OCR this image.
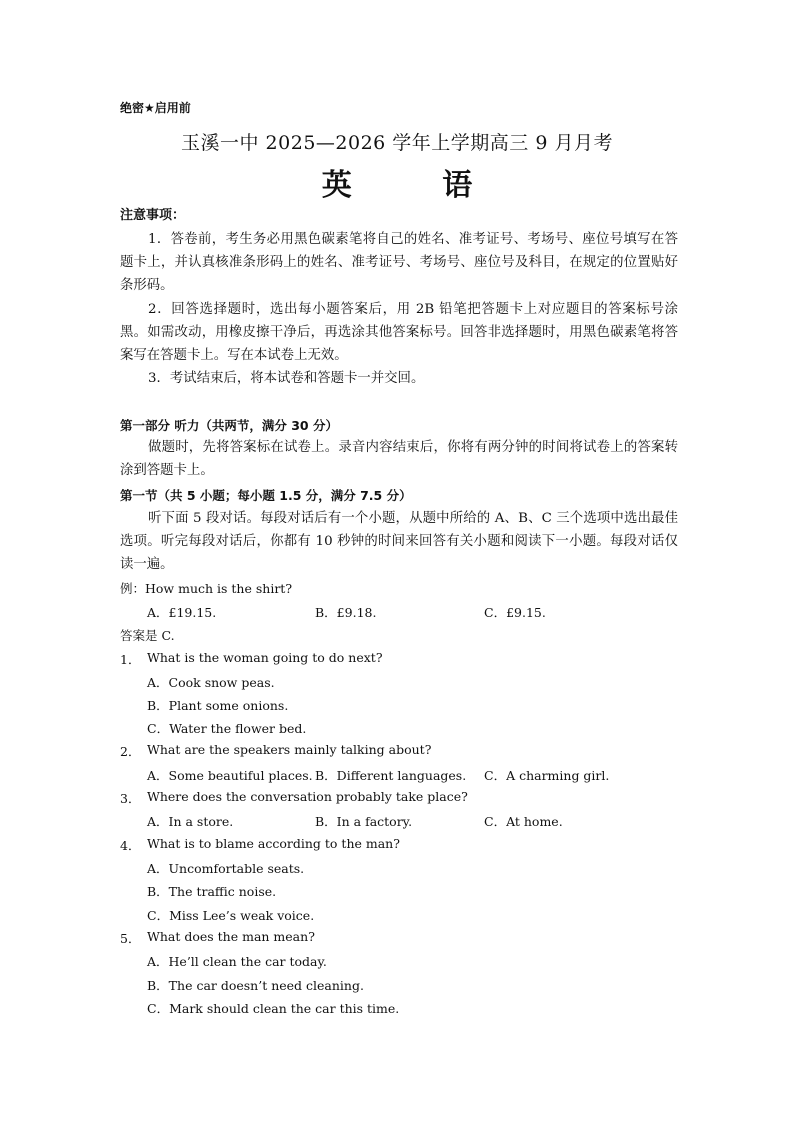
绝密★启用前
玉溪一中 2025—2026 学年上学期高三 9 月月考
英 语
注意事项：
1．答卷前，考生务必用黑色碳素笔将自己的姓名、准考证号、考场号、座位号填写在答题卡上，并认真核准条形码上的姓名、准考证号、考场号、座位号及科目，在规定的位置贴好条形码。
2．回答选择题时，选出每小题答案后，用 2B 铅笔把答题卡上对应题目的答案标号涂黑。如需改动，用橡皮擦干净后，再选涂其他答案标号。回答非选择题时，用黑色碳素笔将答案写在答题卡上。写在本试卷上无效。
3．考试结束后，将本试卷和答题卡一并交回。
第一部分 听力（共两节，满分 30 分）
做题时，先将答案标在试卷上。录音内容结束后，你将有两分钟的时间将试卷上的答案转涂到答题卡上。
第一节（共 5 小题；每小题 1.5 分，满分 7.5 分）
听下面 5 段对话。每段对话后有一个小题，从题中所给的 A、B、C 三个选项中选出最佳选项。听完每段对话后，你都有 10 秒钟的时间来回答有关小题和阅读下一小题。每段对话仅读一遍。
例：How much is the shirt?
A．£19.15.	B．£9.18.	C．£9.15.
答案是 C.
1． What is the woman going to do next?
A．Cook snow peas.
B．Plant some onions.
C．Water the flower bed.
2． What are the speakers mainly talking about?
A．Some beautiful places. B．Different languages. C．A charming girl.
3． Where does the conversation probably take place?
A．In a store.	B．In a factory.	C．At home.
4． What is to blame according to the man?
A．Uncomfortable seats.
B．The traffic noise.
C．Miss Lee’s weak voice.
5． What does the man mean?
A．He’ll clean the car today.
B．The car doesn’t need cleaning.
C．Mark should clean the car this time.
